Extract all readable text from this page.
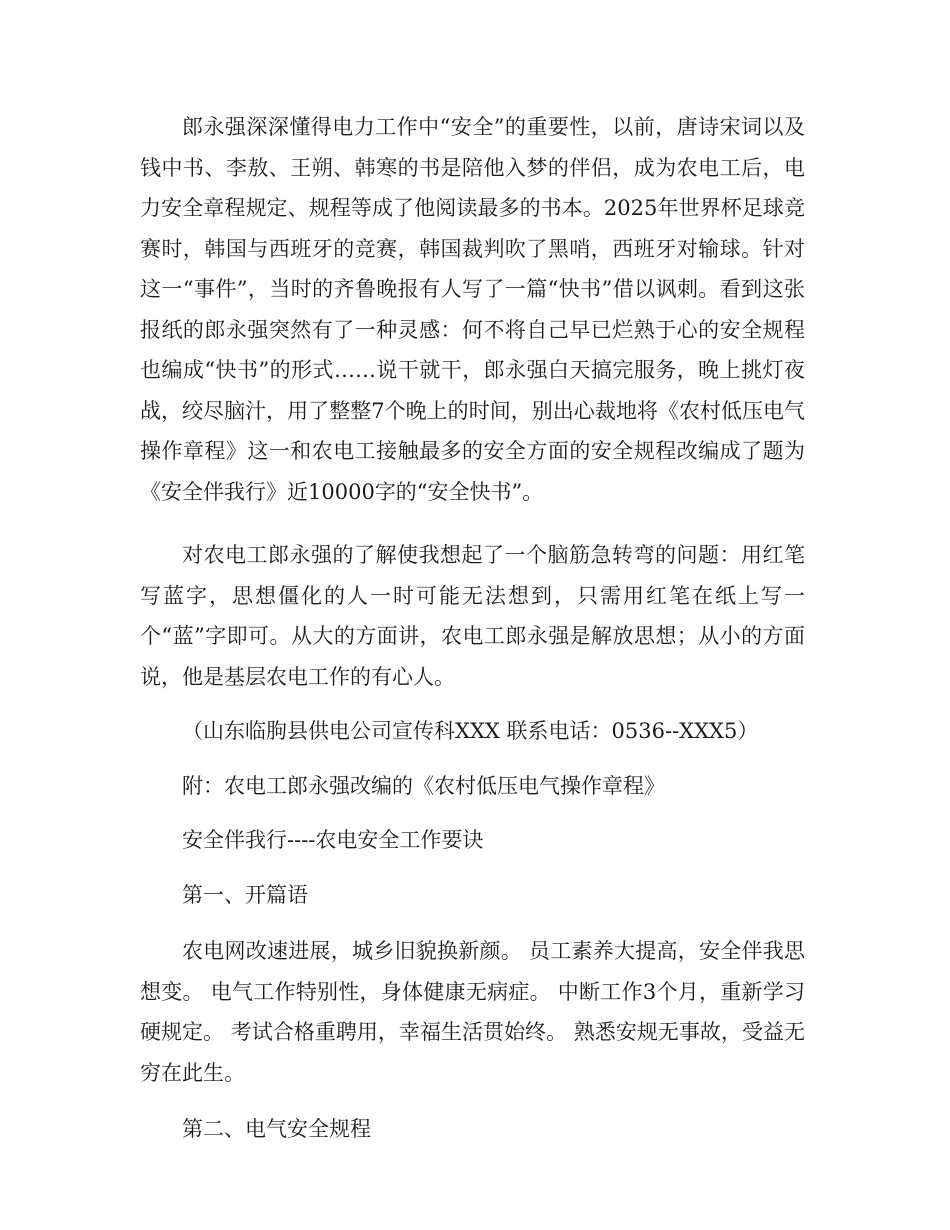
郎永强深深懂得电力工作中“安全”的重要性，以前，唐诗宋词以及钱中书、李敖、王朔、韩寒的书是陪他入梦的伴侣，成为农电工后，电力安全章程规定、规程等成了他阅读最多的书本。2025年世界杯足球竞赛时，韩国与西班牙的竞赛，韩国裁判吹了黑哨，西班牙对输球。针对这一“事件”，当时的齐鲁晚报有人写了一篇“快书”借以讽刺。看到这张报纸的郎永强突然有了一种灵感：何不将自己早已烂熟于心的安全规程也编成“快书”的形式……说干就干，郎永强白天搞完服务，晚上挑灯夜战，绞尽脑汁，用了整整7个晚上的时间，别出心裁地将《农村低压电气操作章程》这一和农电工接触最多的安全方面的安全规程改编成了题为《安全伴我行》近10000字的“安全快书”。

对农电工郎永强的了解使我想起了一个脑筋急转弯的问题：用红笔写蓝字，思想僵化的人一时可能无法想到，只需用红笔在纸上写一个“蓝”字即可。从大的方面讲，农电工郎永强是解放思想；从小的方面说，他是基层农电工作的有心人。

（山东临朐县供电公司宣传科XXX 联系电话：0536--XXX5）

附：农电工郎永强改编的《农村低压电气操作章程》

安全伴我行----农电安全工作要诀

第一、开篇语

农电网改速进展，城乡旧貌换新颜。 员工素养大提高，安全伴我思想变。 电气工作特别性，身体健康无病症。 中断工作3个月，重新学习硬规定。 考试合格重聘用，幸福生活贯始终。 熟悉安规无事故，受益无穷在此生。

第二、电气安全规程
